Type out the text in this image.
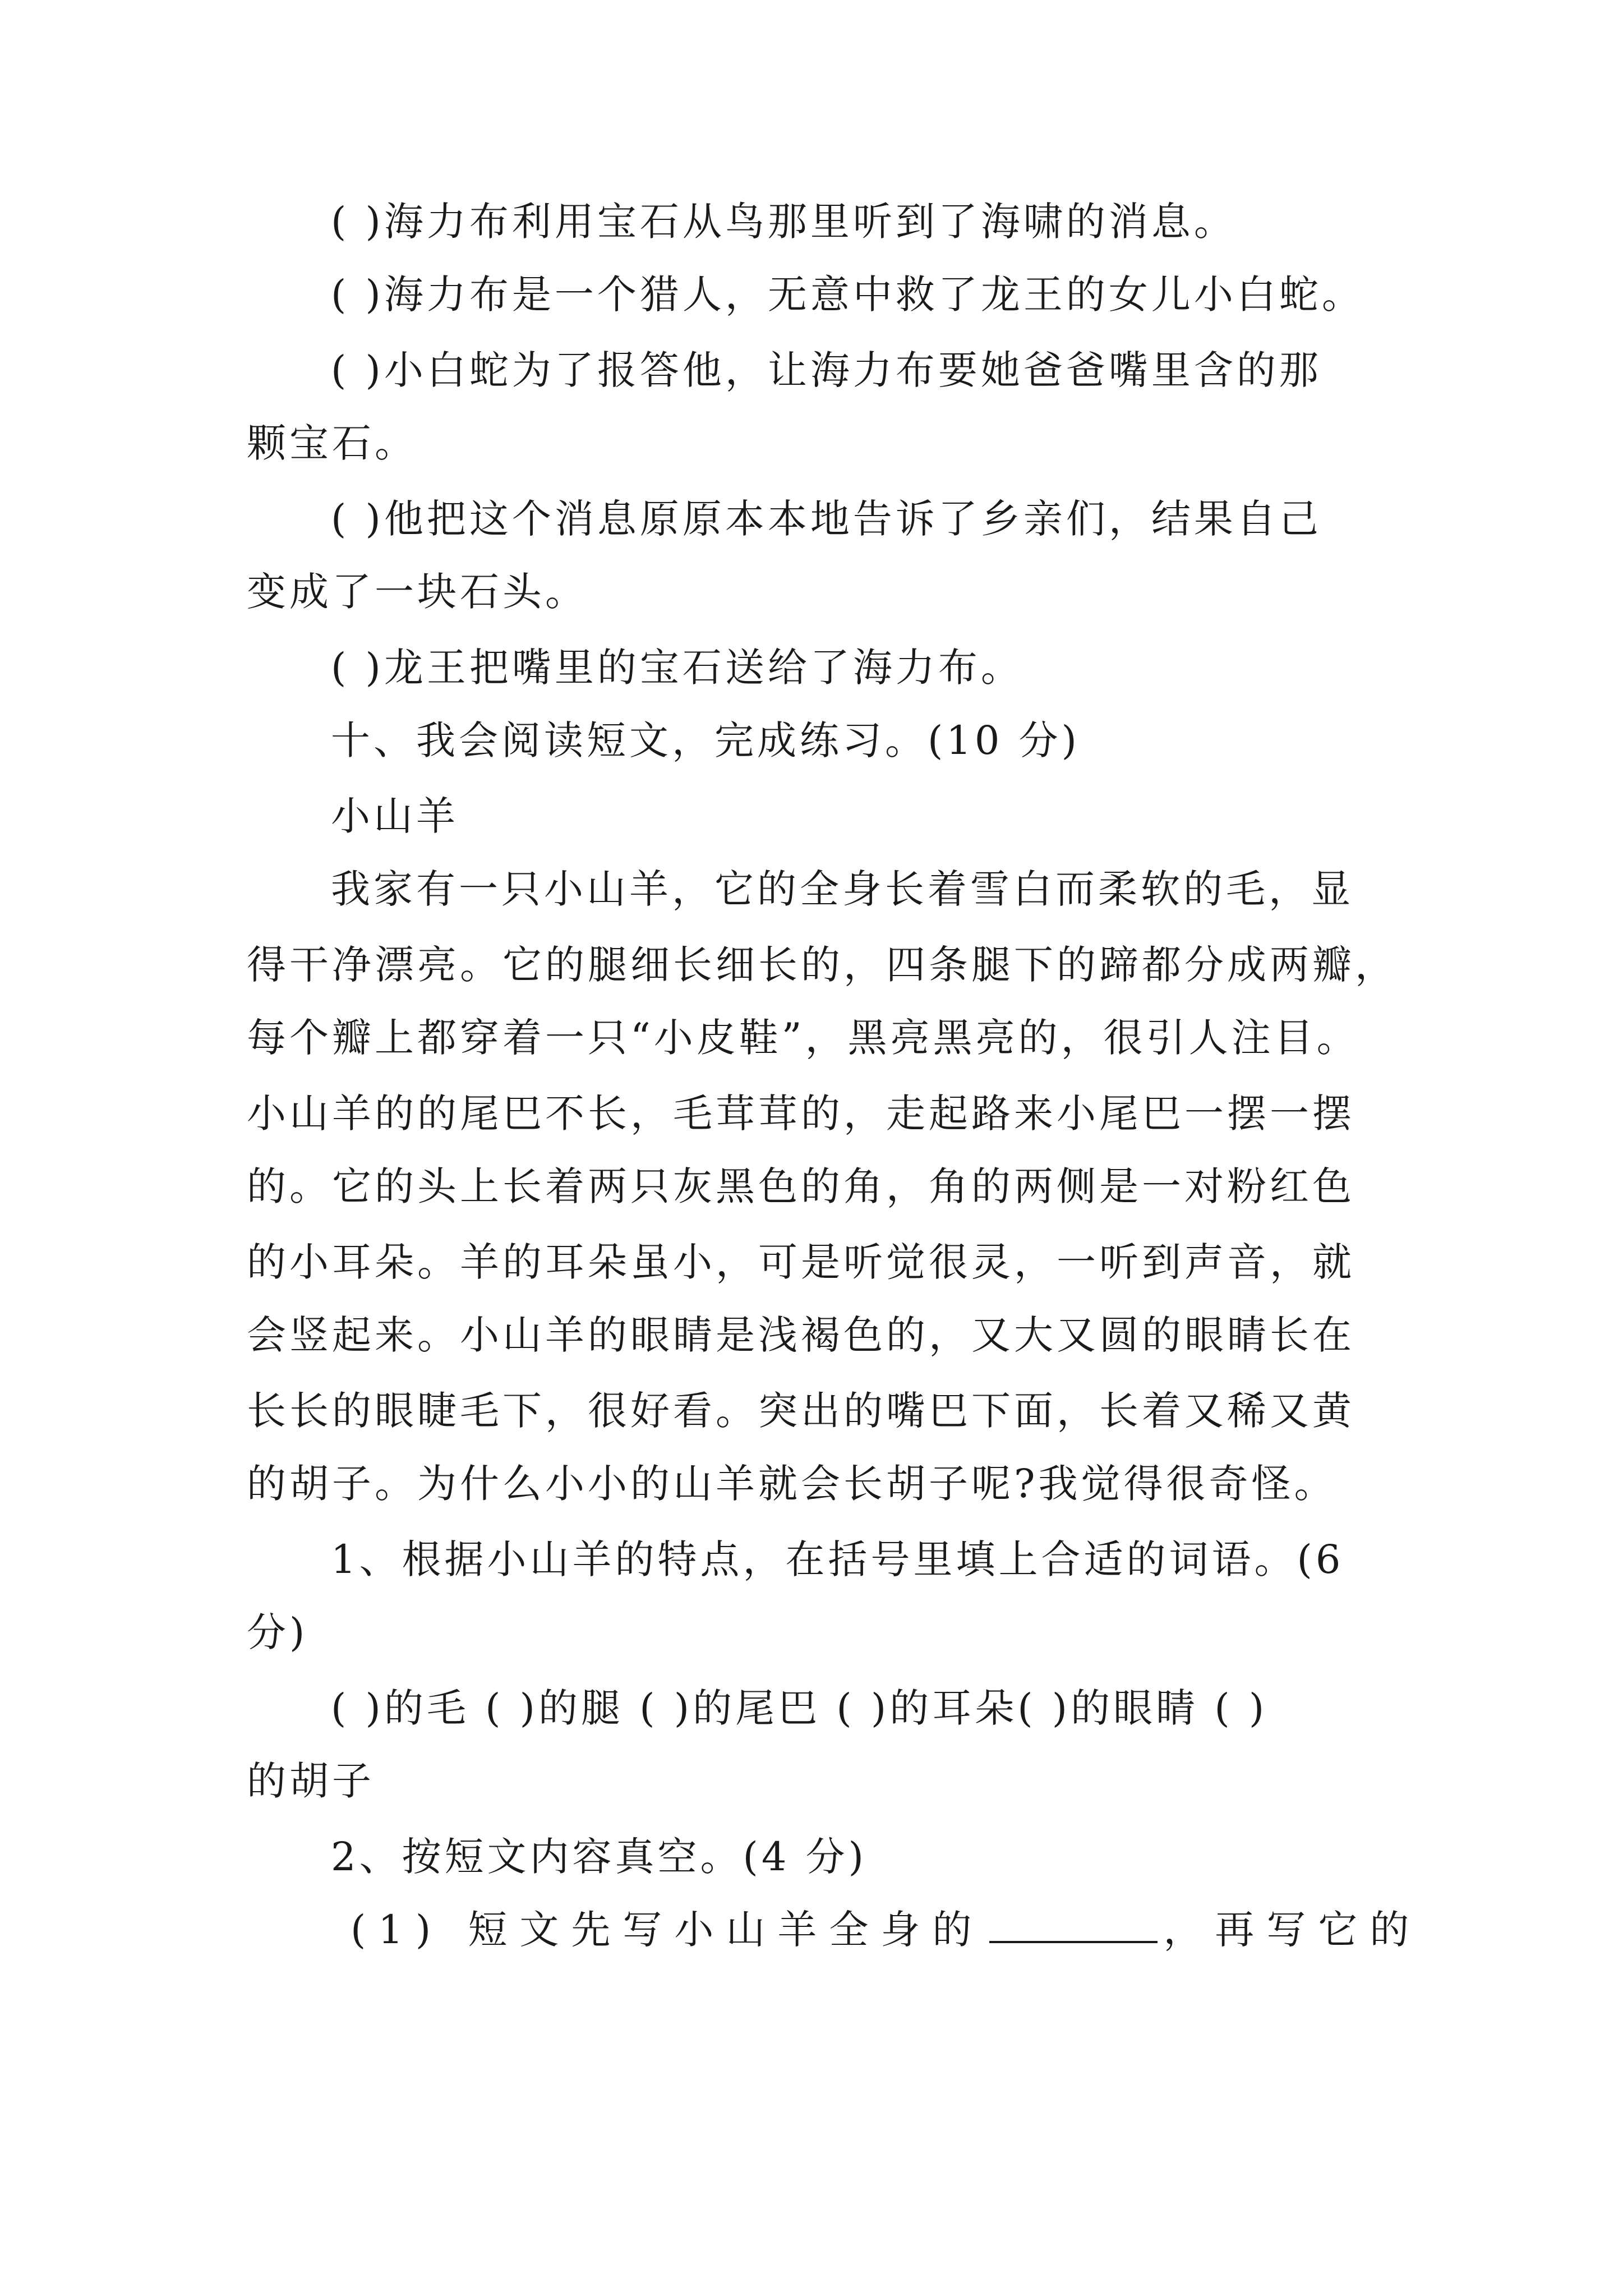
( )海力布利用宝石从鸟那里听到了海啸的消息。
( )海力布是一个猎人，无意中救了龙王的女儿小白蛇。
( )小白蛇为了报答他，让海力布要她爸爸嘴里含的那
颗宝石。
( )他把这个消息原原本本地告诉了乡亲们，结果自己
变成了一块石头。
( )龙王把嘴里的宝石送给了海力布。
十、我会阅读短文，完成练习。(10 分)
小山羊
我家有一只小山羊，它的全身长着雪白而柔软的毛，显
得干净漂亮。它的腿细长细长的，四条腿下的蹄都分成两瓣，
每个瓣上都穿着一只“小皮鞋”，黑亮黑亮的，很引人注目。
小山羊的的尾巴不长，毛茸茸的，走起路来小尾巴一摆一摆
的。它的头上长着两只灰黑色的角，角的两侧是一对粉红色
的小耳朵。羊的耳朵虽小，可是听觉很灵，一听到声音，就
会竖起来。小山羊的眼睛是浅褐色的，又大又圆的眼睛长在
长长的眼睫毛下，很好看。突出的嘴巴下面，长着又稀又黄
的胡子。为什么小小的山羊就会长胡子呢?我觉得很奇怪。
1、根据小山羊的特点，在括号里填上合适的词语。(6
分)
( )的毛 ( )的腿 ( )的尾巴 ( )的耳朵( )的眼睛 ( )
的胡子
2、按短文内容真空。(4 分)
(1) 短文先写小山羊全身的	，再写它的
